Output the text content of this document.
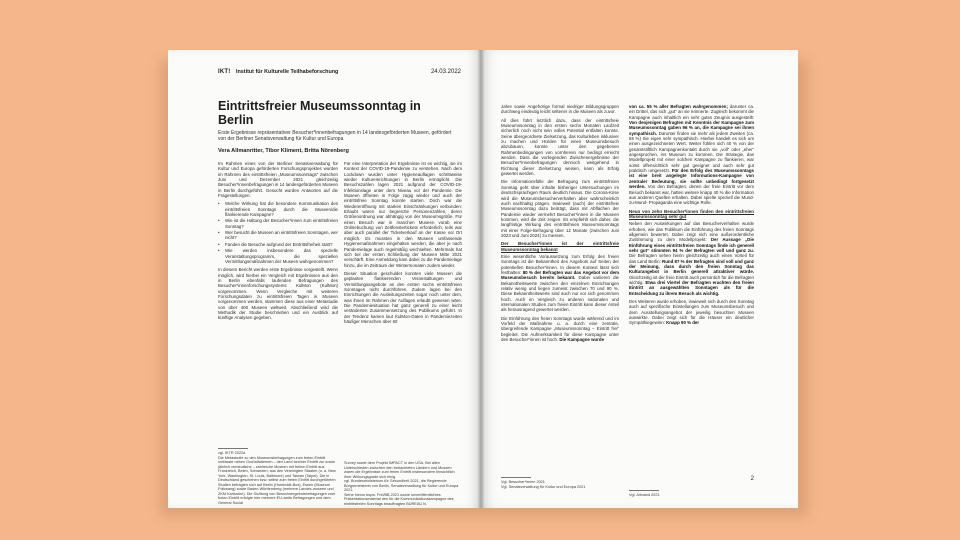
IKT! Institut für Kulturelle Teilhabeforschung	24.03.2022
Eintrittsfreier Museumssonntag in Berlin
Erste Ergebnisse repräsentativer Besucher*innenbefragungen in 14 landesgeförderten Museen, gefördert von der Berliner Senatsverwaltung für Kultur und Europa
Vera Allmanritter, Tibor Kliment, Britta Nörenberg

Im Rahmen eines von der Berliner Senatsverwaltung für Kultur und Europa geförderten Forschungsprojektes wurden im Rahmen des eintrittsfreien „Museumssonntags“ zwischen Juni und Dezember 2021 gleichzeitig Besucher*innenbefragungen in 14 landesgeförderten Museen in Berlin durchgeführt. Gesucht wurden Antworten auf die Fragestellungen:

• Welche Wirkung hat die besondere Kommunikation des eintrittsfreien Sonntags durch die Museen/die flankierende Kampagne?
• Wie ist die Haltung der Besucher*innen zum eintrittsfreien Sonntag?
• Wer besucht die Museen an eintrittsfreien Sonntagen, wer nicht?
• Fanden die Besuche aufgrund der Eintrittsfreiheit statt?
• Wie werden insbesondere das spezielle Veranstaltungsprogramm, die speziellen Vermittlungsmaßnahmen der Museen wahrgenommen?

In diesem Bericht werden erste Ergebnisse vorgestellt. Wenn möglich, wird hierbei ein Vergleich mit Ergebnissen aus den in Berlin ebenfalls laufenden Befragungen des Besucher*innenforschungssystems KulMon (KulMon) vorgenommen. Wenn Vergleiche mit weiteren Forschungsdaten zu eintrittsfreien Tagen in Museen vorgenommen werden, stammen diese aus einer Metastudie von über 400 Museen weltweit. Abschließend wird die Methodik der Studie beschrieben und ein Ausblick auf künftige Analysen gegeben.

Für eine Interpretation der Ergebnisse ist es wichtig, sie im Kontext der COVID-19-Pandemie zu verstehen. Nach dem Lockdown wurden unter Hygieneauflagen schrittweise wieder Kultureinrichtungen in Berlin ermöglicht. Die Besuchszahlen lagen 2021 aufgrund der COVID-19-Infektionslage unter dem Niveau vor der Pandemie. Die Museen öffneten in Folge zügig wieder und auch der eintrittsfreie Sonntag konnte starten. Doch war die Wiedereröffnung mit starken Einschränkungen verbunden: Erlaubt waren nur begrenzte Personenzahlen, deren Größenordnung war abhängig von der Museumsgröße. Für einen Besuch war in manchen Museen vorab eine Onlinebuchung von Zeitfenstertickets erforderlich, teils war aber auch parallel der Ticketverkauf an der Kasse vor Ort möglich. Es mussten in den Museen umfassende Hygienemaßnahmen eingehalten werden, die aber je nach Pandemielage auch regelmäßig wechselten. Mehrmals hat sich bei der ersten Schließung der Museen Mitte 2021 verschärft. Eine Anmeldung kam dabei zu die Pandemielage hinzu, die im Zeitraum der Wintermonaten zudem wieder.

Dieser Situation geschuldet konnten viele Museen die geplanten flankierenden Veranstaltungen und Vermittlungsangebote an den ersten sechs eintrittsfreien Sonntagen nicht durchführen. Zudem lagen bei den Einrichtungen die Ausleitungszeiten sogar noch unter dem, was ihnen im Rahmen der Auflagen erlaubt gewesen wäre. Die Pandemiesituation hat ganz generell zu einer leicht veränderten Zusammensetzung des Publikums geführt. In der Tendenz kamen laut KulMon-Daten in Pandemiezeiten häufiger Menschen über 60

vgl. IKTR 2022a
Die Metastudie zu den Museumsbefragungen zum freien Eintritt umfasste neben Großstädtemen – den Land berliner Eintritt zur sowie jährlich verdeutliche – zahlreiche Museen mit freiem Eintritt aus Frankreich, Belen, Schweden, aus den Vereinigten Staaten (u. a. New York, Washington, St. Louis, Baltimore) und Taiwan (Taipei). Die in Deutschland geschehen bzw. selbst zum freien Eintritt durchgeführten Studien befragten sich auf Berlin (Humboldt-Box), Essen (Museum Folkwang) sowie Baden-Württemberg (mehrere Landes-museen und ZKM Karlsruhe). Die Sichtung von Besuchsergebnisbefragungen zum freien Eintritt erfolgte hier mehrere EU-weite Befragungen und dem General Social
Survey sowie dem Projekt IMPACT in den USA. Bei allen Unterschieden zwischen den betrachteten Ländern und Museen waren die Ergebnisse zum freien Eintritt insbesondere hinsichtlich ihrer Wirkungsgrade sich einig.
vgl. Bundesministerium für Gesundheit 2021, die Regierende Bürgermeisterin von Berlin, Senatsverwaltung für Kultur und Europa 2021.
Siehe hierzu bspw. Frei/BB 2021 sowie unveröffentlichtes Präsentationsmaterial des für die Kommunikationskampagne des eintrittsfreien Sonntags beauftragten BUREAU N.

Jahre sowie Angehörige formal niedriger Bildungsgruppen durchweg eindeutig leicht seltener in die Museen als zuvor.

All dies führt letztlich dazu, dass der eintrittsfreie Museumssonntag in den ersten sechs Monaten Laufzeit sicherlich noch nicht sein volles Potential entfalten konnte. Seine übergeordnete Zielsetzung, das Kulturleben inklusiver zu machen und Hürden für einen Museumsbesuch abzubauen, konnte unter den gegebenen Rahmenbedingungen von vornherein nur bedingt erreicht werden. Dass die vorliegenden Zwischenergebnisse der Besucher*innenbefragungen dennoch weitgehend in Richtung dieser Zielsetzung weisen, kann als Erfolg gewertet werden.

Die Informationsfülle der Befragung zum eintrittsfreien Sonntag geht über inhalte bisheriger Untersuchungen im deutschsprachigen Raum deutlich hinaus. Die Corona-Krise wird die Museumsbesucherverhalten aber wahrscheinlich auch nachhaltig prägen. Inwieweit (auch) der eintrittsfreie Museumssonntag dazu beiträgt, dass mit Abflachen der Pandemie wieder vermehrt Besucher*innen in die Museen kommen, wird die Zeit zeigen. Es empfiehlt sich daher, die langfristige Wirkung des eintrittsfreien Museumssonntags mit einer Folge-Befragung über 12 Monate (zwischen Juni 2023 und Juni 2024) zu messen.

Der Besucher*innen ist der eintrittsfreie Museumssonntag bekannt

Eine wesentliche Voraussetzung zum Erfolg des freien Sonntags ist die Bekanntheit des Angebots auf Seiten der potentiellen Besucher*innen. In diesem Kontext lässt sich festhalten: 80 % der Befragten war das Angebot vor dem Museumsbesuch bereits bekannt. Dabei variieren die Bekanntheitswerte zwischen den einzelnen Einrichtungen relativ wenig und liegen zumeist zwischen 70 und 90 %. Diese Bekanntheitswerte sind auch nur vor sich genommen hoch. Auch im Vergleich zu anderen nationalen und internationalen Studien zum freien Eintritt kann dieser Anteil als herausragend gewertet werden.

Die Einführung des freien Sonntags wurde während und im Vorfeld der Maßnahme u. a. durch eine zentrale, übergreifende Kampagne „Museumssonntag – Eintritt frei“ begleitet. Die Aufmerksamkeit für diese Kampagne unter den Besucher*innen ist hoch. Die Kampagne wurde

von ca. 55 % aller Befragten wahrgenommen; darunter ca. ein Drittel, das sich „gut“ an sie erinnerte. Zugleich bekommt die Kampagne auch inhaltlich ein sehr gutes Zeugnis ausgestellt: Von denjenigen Befragten mit Kenntnis der Kampagne zum Museumssonntag gaben 96 % an, die Kampagne sei ihnen sympathisch. Darunter finden sie mehr als jedem Zweiten (ca. 55 %) Sie eigen sehr sympathisch. Hierbei handelt es sich um einen ausgezeichneten Wert. Weiter fühlen sich 40 % von der gesamtstiftlich Kampagnenkontakt durch sie „voll“ oder „eher“ angesprochen, ins Museum zu kommen. Die Strategie, das Modellprojekt mit einer solchen Kampagne zu flankieren, war somit offensichtlich sehr gut geeignet und auch sehr gut praktisch umgesetzt. Für den Erfolg des Museumssonntags ist eine breit angelegte Informations-Kampagne von zentraler Bedeutung, sie sollte unbedingt fortgesetzt werden. Von den Befragten, denen der freie Eintritt vor dem Besuch bekannt war, hatten weitere knapp 40 % die Information aus anderen Quellen erhalten. Dabei spielte speziell die Mund-zu-Mund- Propaganda eine wichtige Rolle.

Neun von zehn Besucher*innen finden den eintrittsfreien Museumssonntag sehr gut

Neben den Auswirkungen auf das Besucherverhalten wurde erhoben, wie das Publikum die Einführung des freien Sonntags allgemein bewertet. Dabei zeigt sich eine außerordentliche Zustimmung zu dem Modellprojekt: Der Aussage „Die Einführung eines eintrittsfreien Sonntags finde ich generell sehr gut“ stimmten 94 % der Befragten voll und ganz zu. Die Befragten sehen hierin gleichzeitig auch einen Vorteil für das Land Berlin: Rund 87 % der Befragten sind voll und ganz der Meinung, dass durch den freien Sonntag das Kulturangebot in Berlin generell attraktiver würde. Gleichzeitig ist der freie Eintritt auch persönlich für die Befragten wichtig. Etwa drei Viertel der Befragten erachten den freien Eintritt an ausgewählten Sonntagen als für die Entscheidung zu ihrem Besuch als wichtig.

Des Weiteren wurde erhoben, inwieweit sich durch den Sonntag auch auf spezifische Einstellungen zum Museumsbesuch und dem Ausstellungsangebot der jeweilig besuchten Museen auswirkte. Dabei zeigt sich für die Häuser ein deutlicher Sympathiegewinn: Knapp 90 % der

Vgl. Besucher*innen 2021
Vgl. Senatsverwaltung für Kultur und Europa 2021
Vgl. Allmand 2021
2
